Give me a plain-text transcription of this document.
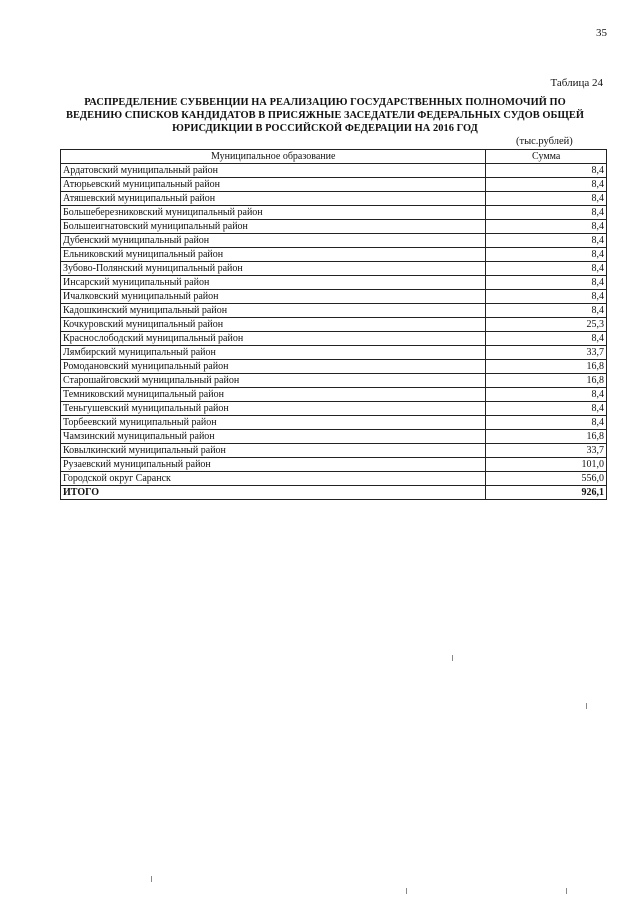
35
Таблица 24
РАСПРЕДЕЛЕНИЕ СУБВЕНЦИИ НА РЕАЛИЗАЦИЮ ГОСУДАРСТВЕННЫХ ПОЛНОМОЧИЙ ПО ВЕДЕНИЮ СПИСКОВ КАНДИДАТОВ В ПРИСЯЖНЫЕ ЗАСЕДАТЕЛИ ФЕДЕРАЛЬНЫХ СУДОВ ОБЩЕЙ ЮРИСДИКЦИИ В РОССИЙСКОЙ ФЕДЕРАЦИИ НА 2016 ГОД
(тыс.рублей)
Муниципальное образование	Сумма
Ардатовский муниципальный район	8,4
Атюрьевский муниципальный район	8,4
Атяшевский муниципальный район	8,4
Большеберезниковский муниципальный район	8,4
Большеигнатовский муниципальный район	8,4
Дубенский муниципальный район	8,4
Ельниковский муниципальный район	8,4
Зубово-Полянский муниципальный район	8,4
Инсарский муниципальный район	8,4
Ичалковский муниципальный район	8,4
Кадошкинский муниципальный район	8,4
Кочкуровский муниципальный район	25,3
Краснослободский муниципальный район	8,4
Лямбирский муниципальный район	33,7
Ромодановский муниципальный район	16,8
Старошайговский муниципальный район	16,8
Темниковский муниципальный район	8,4
Теньгушевский муниципальный район	8,4
Торбеевский муниципальный район	8,4
Чамзинский муниципальный район	16,8
Ковылкинский муниципальный район	33,7
Рузаевский муниципальный район	101,0
Городской округ Саранск	556,0
ИТОГО	926,1
